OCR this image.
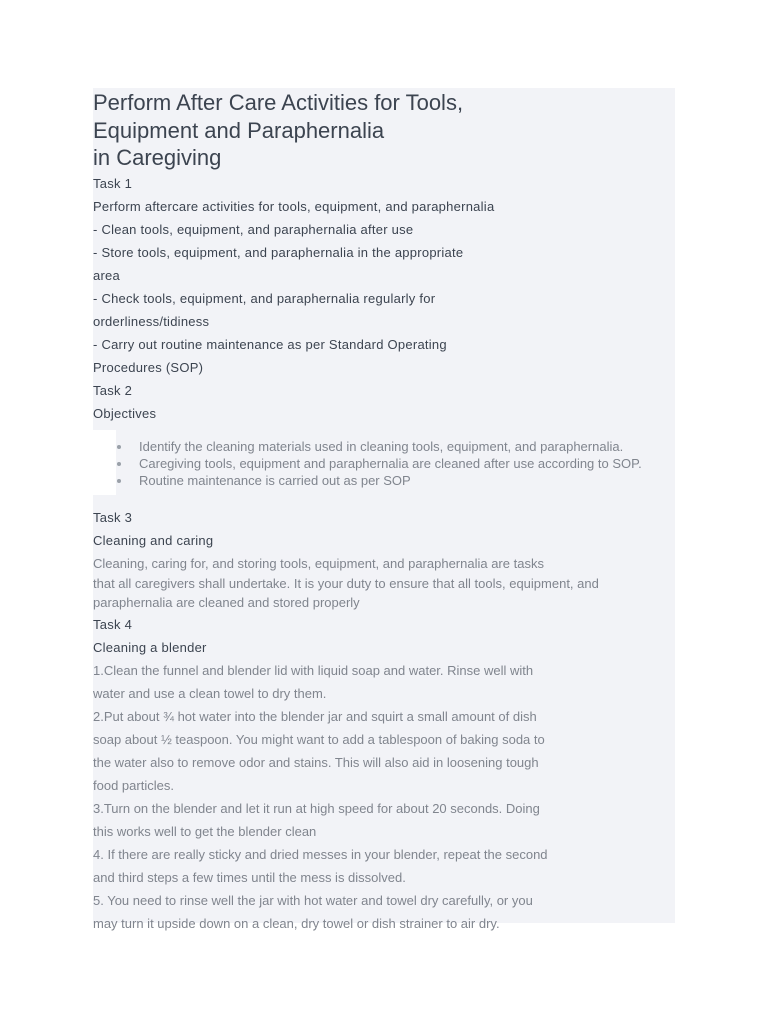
Perform After Care Activities for Tools,
Equipment and Paraphernalia
in Caregiving
Task 1
Perform aftercare activities for tools, equipment, and paraphernalia
- Clean tools, equipment, and paraphernalia after use
- Store tools, equipment, and paraphernalia in the appropriate
area
- Check tools, equipment, and paraphernalia regularly for
orderliness/tidiness
- Carry out routine maintenance as per Standard Operating
Procedures (SOP)
Task 2
Objectives
Identify the cleaning materials used in cleaning tools, equipment, and paraphernalia.
Caregiving tools, equipment and paraphernalia are cleaned after use according to SOP.
Routine maintenance is carried out as per SOP
Task 3
Cleaning and caring
Cleaning, caring for, and storing tools, equipment, and paraphernalia are tasks
that all caregivers shall undertake. It is your duty to ensure that all tools, equipment, and
paraphernalia are cleaned and stored properly
Task 4
Cleaning a blender
1.Clean the funnel and blender lid with liquid soap and water. Rinse well with
water and use a clean towel to dry them.
2.Put about ¾ hot water into the blender jar and squirt a small amount of dish
soap about ½ teaspoon. You might want to add a tablespoon of baking soda to
the water also to remove odor and stains. This will also aid in loosening tough
food particles.
3.Turn on the blender and let it run at high speed for about 20 seconds. Doing
this works well to get the blender clean
4. If there are really sticky and dried messes in your blender, repeat the second
and third steps a few times until the mess is dissolved.
5. You need to rinse well the jar with hot water and towel dry carefully, or you
may turn it upside down on a clean, dry towel or dish strainer to air dry.
